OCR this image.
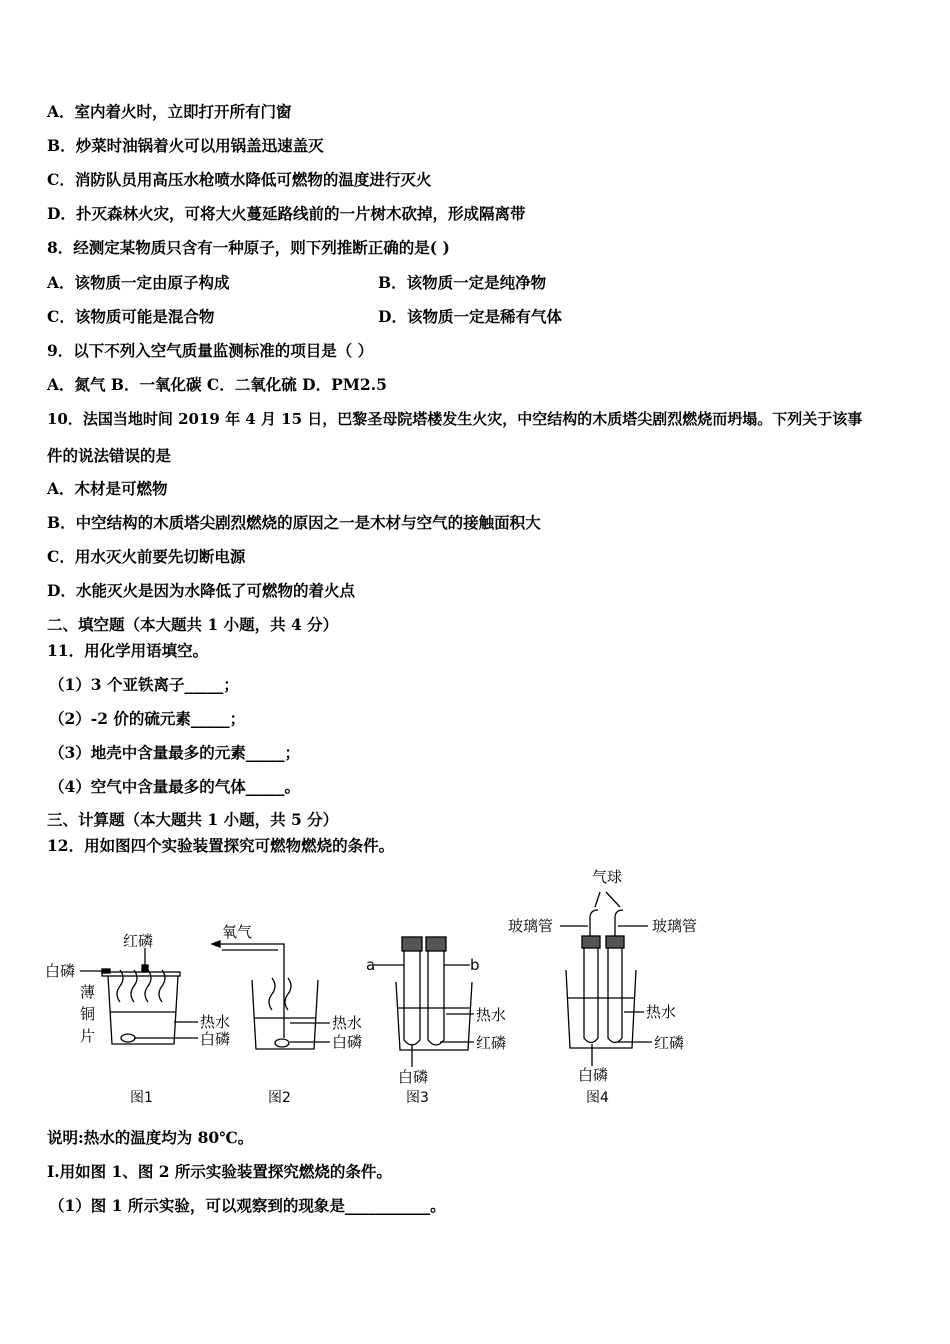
A．室内着火时，立即打开所有门窗
B．炒菜时油锅着火可以用锅盖迅速盖灭
C．消防队员用高压水枪喷水降低可燃物的温度进行灭火
D．扑灭森林火灾，可将大火蔓延路线前的一片树木砍掉，形成隔离带
8．经测定某物质只含有一种原子，则下列推断正确的是( )
A．该物质一定由原子构成	B．该物质一定是纯净物
C．该物质可能是混合物	D．该物质一定是稀有气体
9．以下不列入空气质量监测标准的项目是（ ）
A．氮气 B．一氧化碳 C．二氧化硫 D．PM2.5
10．法国当地时间 2019 年 4 月 15 日，巴黎圣母院塔楼发生火灾，中空结构的木质塔尖剧烈燃烧而坍塌。下列关于该事
件的说法错误的是
A．木材是可燃物
B．中空结构的木质塔尖剧烈燃烧的原因之一是木材与空气的接触面积大
C．用水灭火前要先切断电源
D．水能灭火是因为水降低了可燃物的着火点
二、填空题（本大题共 1 小题，共 4 分）
11．用化学用语填空。
（1）3 个亚铁离子_____；
（2）-2 价的硫元素_____；
（3）地壳中含量最多的元素_____；
（4）空气中含量最多的气体_____。
三、计算题（本大题共 1 小题，共 5 分）
12．用如图四个实验装置探究可燃物燃烧的条件。
红磷
白磷
薄
铜
片
热水
白磷
图1
氧气
热水
白磷
图2
a	b
热水
红磷
白磷
图3
气球
玻璃管	玻璃管
热水
红磷
白磷
图4
说明:热水的温度均为 80℃。
I.用如图 1、图 2 所示实验装置探究燃烧的条件。
（1）图 1 所示实验，可以观察到的现象是___________。
